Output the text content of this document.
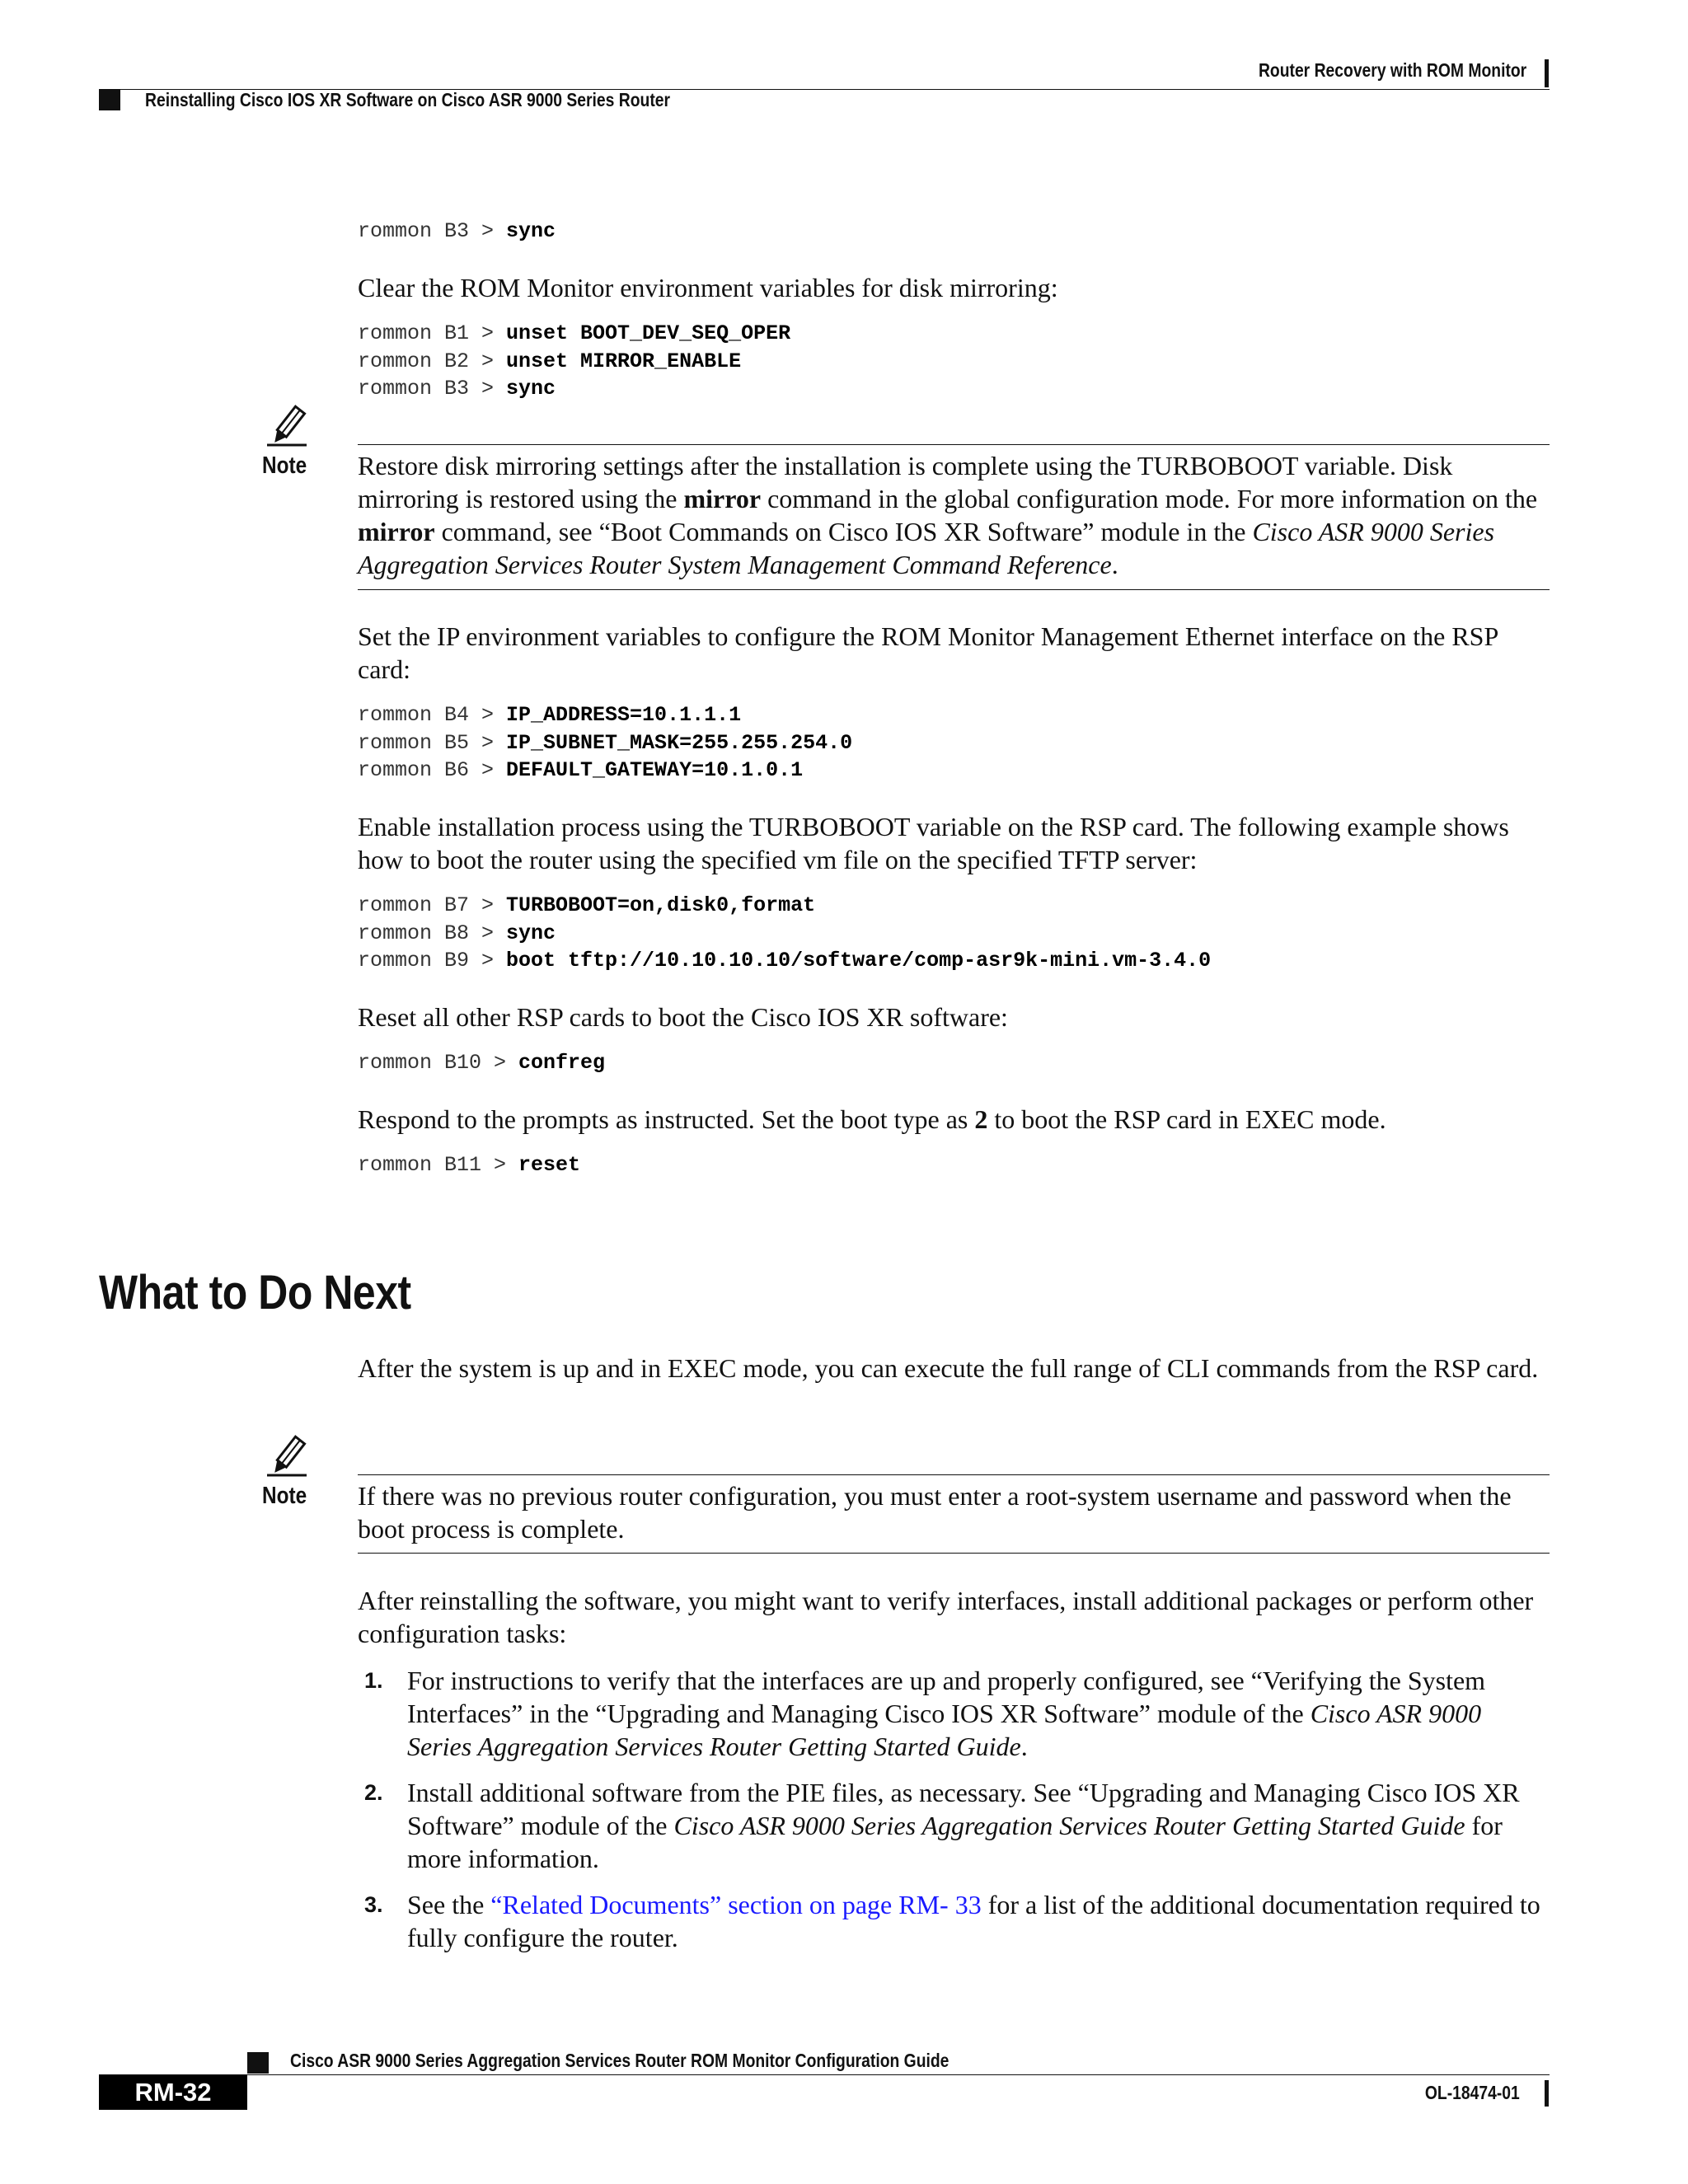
Router Recovery with ROM Monitor
Reinstalling Cisco IOS XR Software on Cisco ASR 9000 Series Router
rommon B3 > sync
Clear the ROM Monitor environment variables for disk mirroring:
rommon B1 > unset BOOT_DEV_SEQ_OPER
rommon B2 > unset MIRROR_ENABLE
rommon B3 > sync
Note Restore disk mirroring settings after the installation is complete using the TURBOBOOT variable. Disk mirroring is restored using the mirror command in the global configuration mode. For more information on the mirror command, see “Boot Commands on Cisco IOS XR Software” module in the Cisco ASR 9000 Series Aggregation Services Router System Management Command Reference.
Set the IP environment variables to configure the ROM Monitor Management Ethernet interface on the RSP card:
rommon B4 > IP_ADDRESS=10.1.1.1
rommon B5 > IP_SUBNET_MASK=255.255.254.0
rommon B6 > DEFAULT_GATEWAY=10.1.0.1
Enable installation process using the TURBOBOOT variable on the RSP card. The following example shows how to boot the router using the specified vm file on the specified TFTP server:
rommon B7 > TURBOBOOT=on,disk0,format
rommon B8 > sync
rommon B9 > boot tftp://10.10.10.10/software/comp-asr9k-mini.vm-3.4.0
Reset all other RSP cards to boot the Cisco IOS XR software:
rommon B10 > confreg
Respond to the prompts as instructed. Set the boot type as 2 to boot the RSP card in EXEC mode.
rommon B11 > reset
What to Do Next
After the system is up and in EXEC mode, you can execute the full range of CLI commands from the RSP card.
Note If there was no previous router configuration, you must enter a root-system username and password when the boot process is complete.
After reinstalling the software, you might want to verify interfaces, install additional packages or perform other configuration tasks:
1. For instructions to verify that the interfaces are up and properly configured, see “Verifying the System Interfaces” in the “Upgrading and Managing Cisco IOS XR Software” module of the Cisco ASR 9000 Series Aggregation Services Router Getting Started Guide.
2. Install additional software from the PIE files, as necessary. See “Upgrading and Managing Cisco IOS XR Software” module of the Cisco ASR 9000 Series Aggregation Services Router Getting Started Guide for more information.
3. See the “Related Documents” section on page RM- 33 for a list of the additional documentation required to fully configure the router.
Cisco ASR 9000 Series Aggregation Services Router ROM Monitor Configuration Guide
RM-32	OL-18474-01
